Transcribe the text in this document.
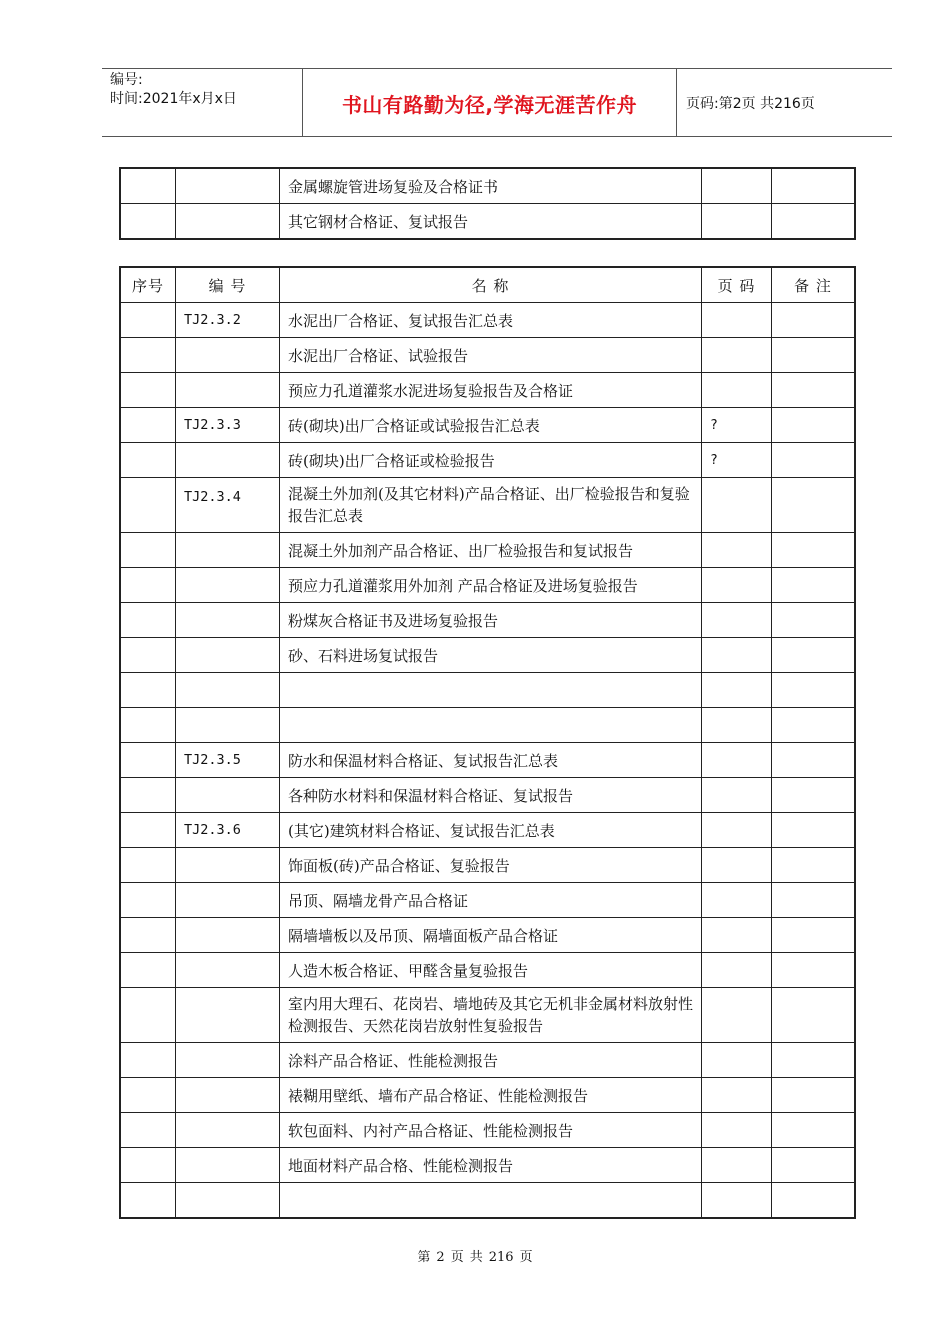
编号:
时间:2021年x月x日	书山有路勤为径,学海无涯苦作舟	页码:第2页 共216页
		金属螺旋管进场复验及合格证书		
		其它钢材合格证、复试报告		
序号	编 号	名 称	页 码	备 注
	TJ2.3.2	水泥出厂合格证、复试报告汇总表		
		水泥出厂合格证、试验报告		
		预应力孔道灌浆水泥进场复验报告及合格证		
	TJ2.3.3	砖(砌块)出厂合格证或试验报告汇总表	?	
		砖(砌块)出厂合格证或检验报告	?	
	TJ2.3.4	混凝土外加剂(及其它材料)产品合格证、出厂检验报告和复验报告汇总表		
		混凝土外加剂产品合格证、出厂检验报告和复试报告		
		预应力孔道灌浆用外加剂 产品合格证及进场复验报告		
		粉煤灰合格证书及进场复验报告		
		砂、石料进场复试报告		

	TJ2.3.5	防水和保温材料合格证、复试报告汇总表		
		各种防水材料和保温材料合格证、复试报告		
	TJ2.3.6	(其它)建筑材料合格证、复试报告汇总表		
		饰面板(砖)产品合格证、复验报告		
		吊顶、隔墙龙骨产品合格证		
		隔墙墙板以及吊顶、隔墙面板产品合格证		
		人造木板合格证、甲醛含量复验报告		
		室内用大理石、花岗岩、墙地砖及其它无机非金属材料放射性检测报告、天然花岗岩放射性复验报告		
		涂料产品合格证、性能检测报告		
		裱糊用壁纸、墙布产品合格证、性能检测报告		
		软包面料、内衬产品合格证、性能检测报告		
		地面材料产品合格、性能检测报告		

第 2 页 共 216 页
